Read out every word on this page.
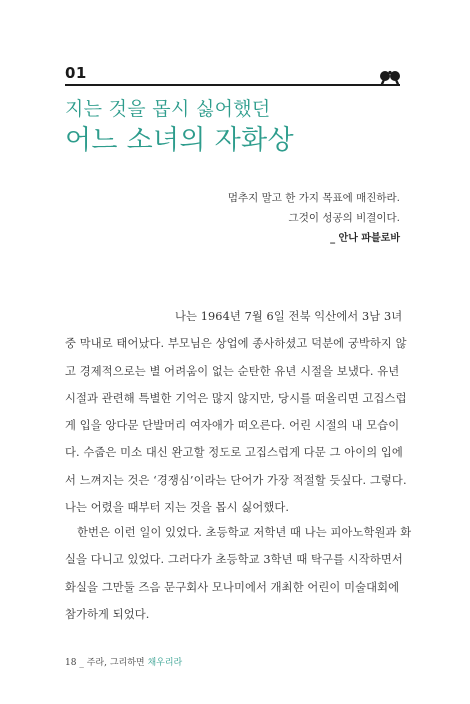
01
지는 것을 몹시 싫어했던
어느 소녀의 자화상
멈추지 말고 한 가지 목표에 매진하라.
그것이 성공의 비결이다.
_ 안나 파블로바
나는 1964년 7월 6일 전북 익산에서 3남 3녀
중 막내로 태어났다. 부모님은 상업에 종사하셨고 덕분에 궁박하지 않
고 경제적으로는 별 어려움이 없는 순탄한 유년 시절을 보냈다. 유년
시절과 관련해 특별한 기억은 많지 않지만, 당시를 떠올리면 고집스럽
게 입을 앙다문 단발머리 여자애가 떠오른다. 어린 시절의 내 모습이
다. 수줍은 미소 대신 완고할 정도로 고집스럽게 다문 그 아이의 입에
서 느껴지는 것은 ‘경쟁심’이라는 단어가 가장 적절할 듯싶다. 그렇다.
나는 어렸을 때부터 지는 것을 몹시 싫어했다.
한번은 이런 일이 있었다. 초등학교 저학년 때 나는 피아노학원과 화
실을 다니고 있었다. 그러다가 초등학교 3학년 때 탁구를 시작하면서
화실을 그만둘 즈음 문구회사 모나미에서 개최한 어린이 미술대회에
참가하게 되었다.
18 _ 주라, 그리하면 채우리라
